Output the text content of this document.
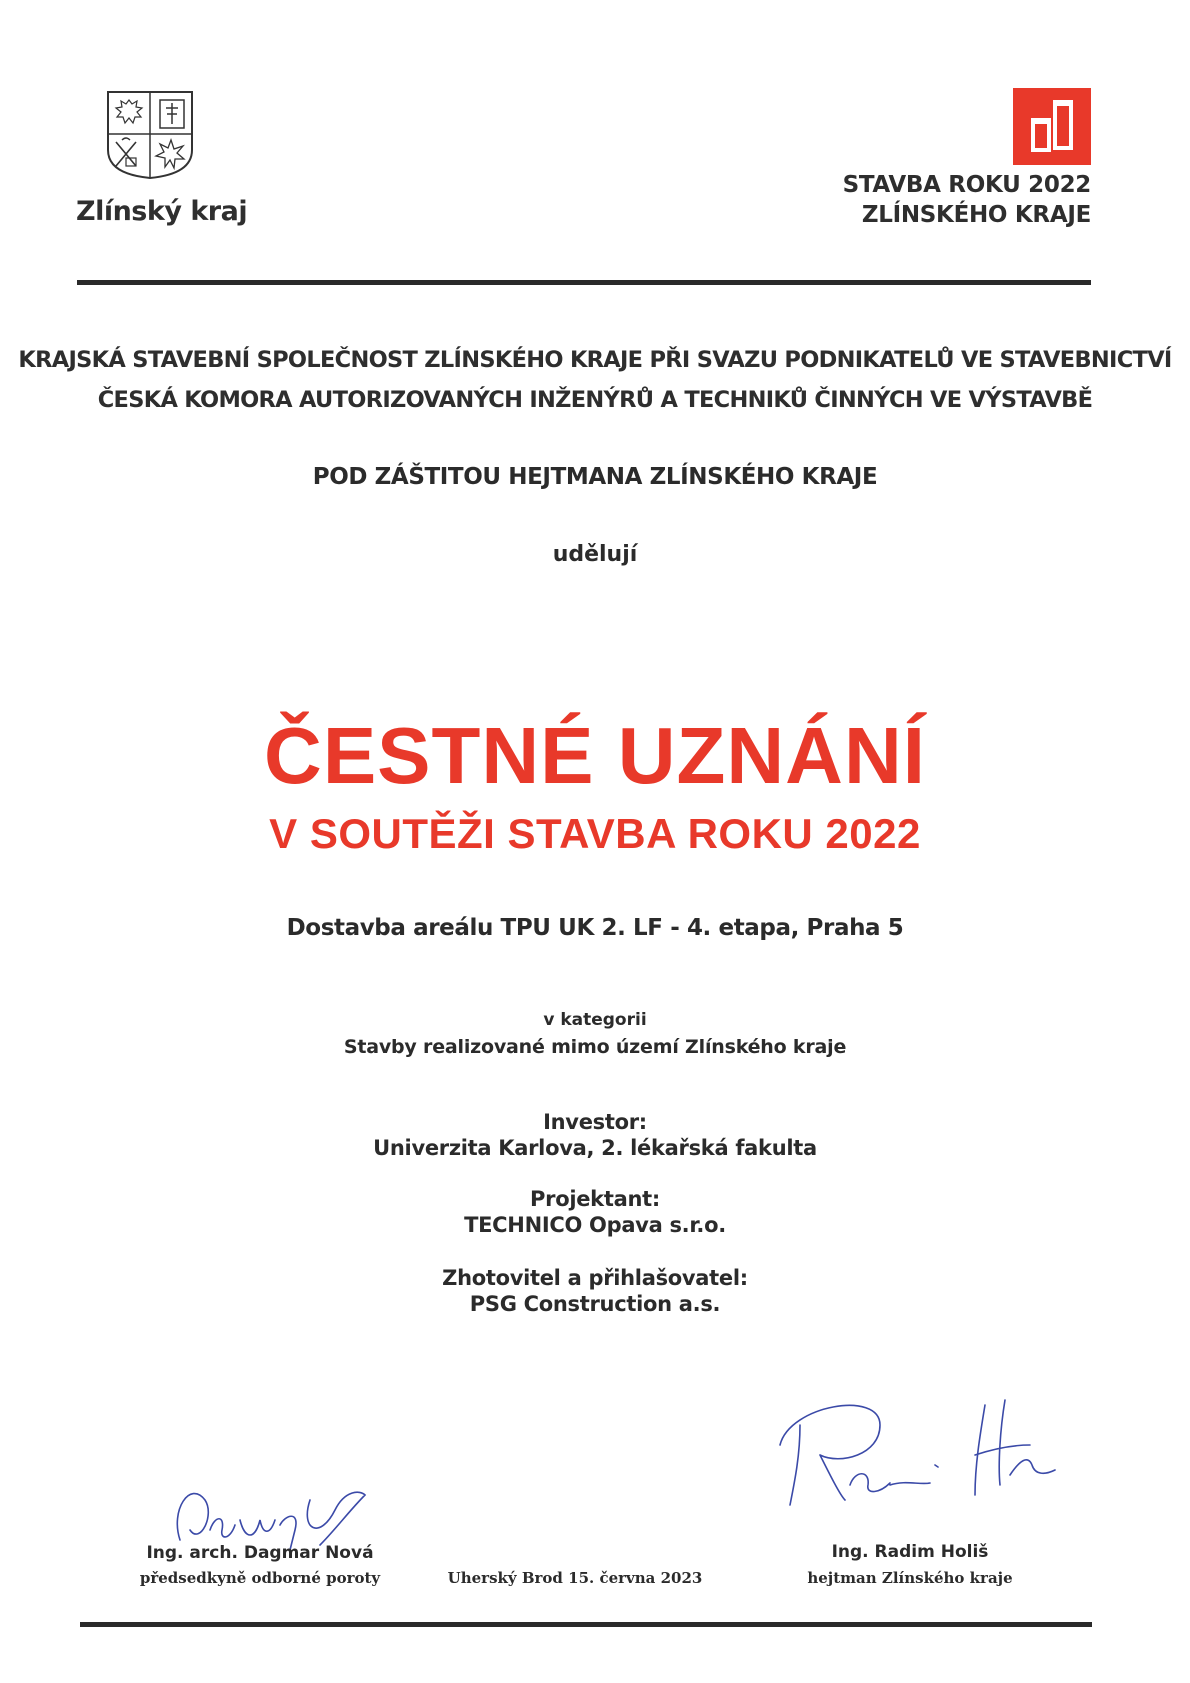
Zlínský kraj
STAVBA ROKU 2022
ZLÍNSKÉHO KRAJE
KRAJSKÁ STAVEBNÍ SPOLEČNOST ZLÍNSKÉHO KRAJE PŘI SVAZU PODNIKATELŮ VE STAVEBNICTVÍ
ČESKÁ KOMORA AUTORIZOVANÝCH INŽENÝRŮ A TECHNIKŮ ČINNÝCH VE VÝSTAVBĚ
POD ZÁŠTITOU HEJTMANA ZLÍNSKÉHO KRAJE
udělují
ČESTNÉ UZNÁNÍ
V SOUTĚŽI STAVBA ROKU 2022
Dostavba areálu TPU UK 2. LF - 4. etapa, Praha 5
v kategorii
Stavby realizované mimo území Zlínského kraje
Investor:
Univerzita Karlova, 2. lékařská fakulta
Projektant:
TECHNICO Opava s.r.o.
Zhotovitel a přihlašovatel:
PSG Construction a.s.
Ing. arch. Dagmar Nová
předsedkyně odborné poroty	Uherský Brod 15. června 2023
Ing. Radim Holiš
hejtman Zlínského kraje
